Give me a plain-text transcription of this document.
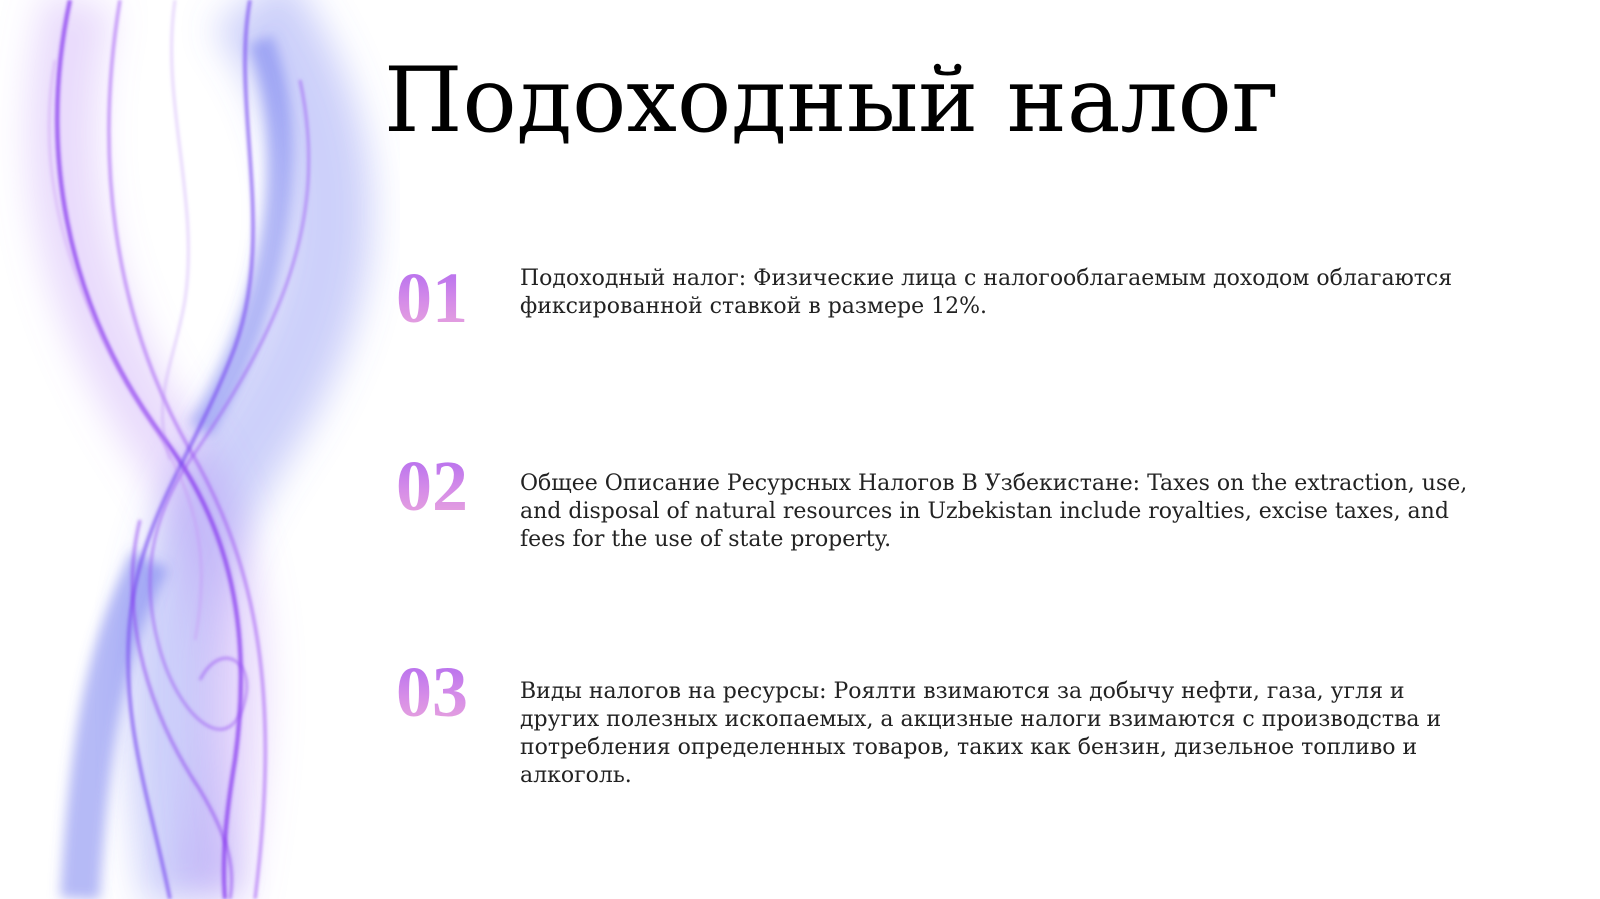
Подоходный налог
01 Подоходный налог: Физические лица с налогооблагаемым доходом облагаются фиксированной ставкой в размере 12%.

02 Общее Описание Ресурсных Налогов В Узбекистане: Taxes on the extraction, use, and disposal of natural resources in Uzbekistan include royalties, excise taxes, and fees for the use of state property.

03 Виды налогов на ресурсы: Роялти взимаются за добычу нефти, газа, угля и других полезных ископаемых, а акцизные налоги взимаются с производства и потребления определенных товаров, таких как бензин, дизельное топливо и алкоголь.
